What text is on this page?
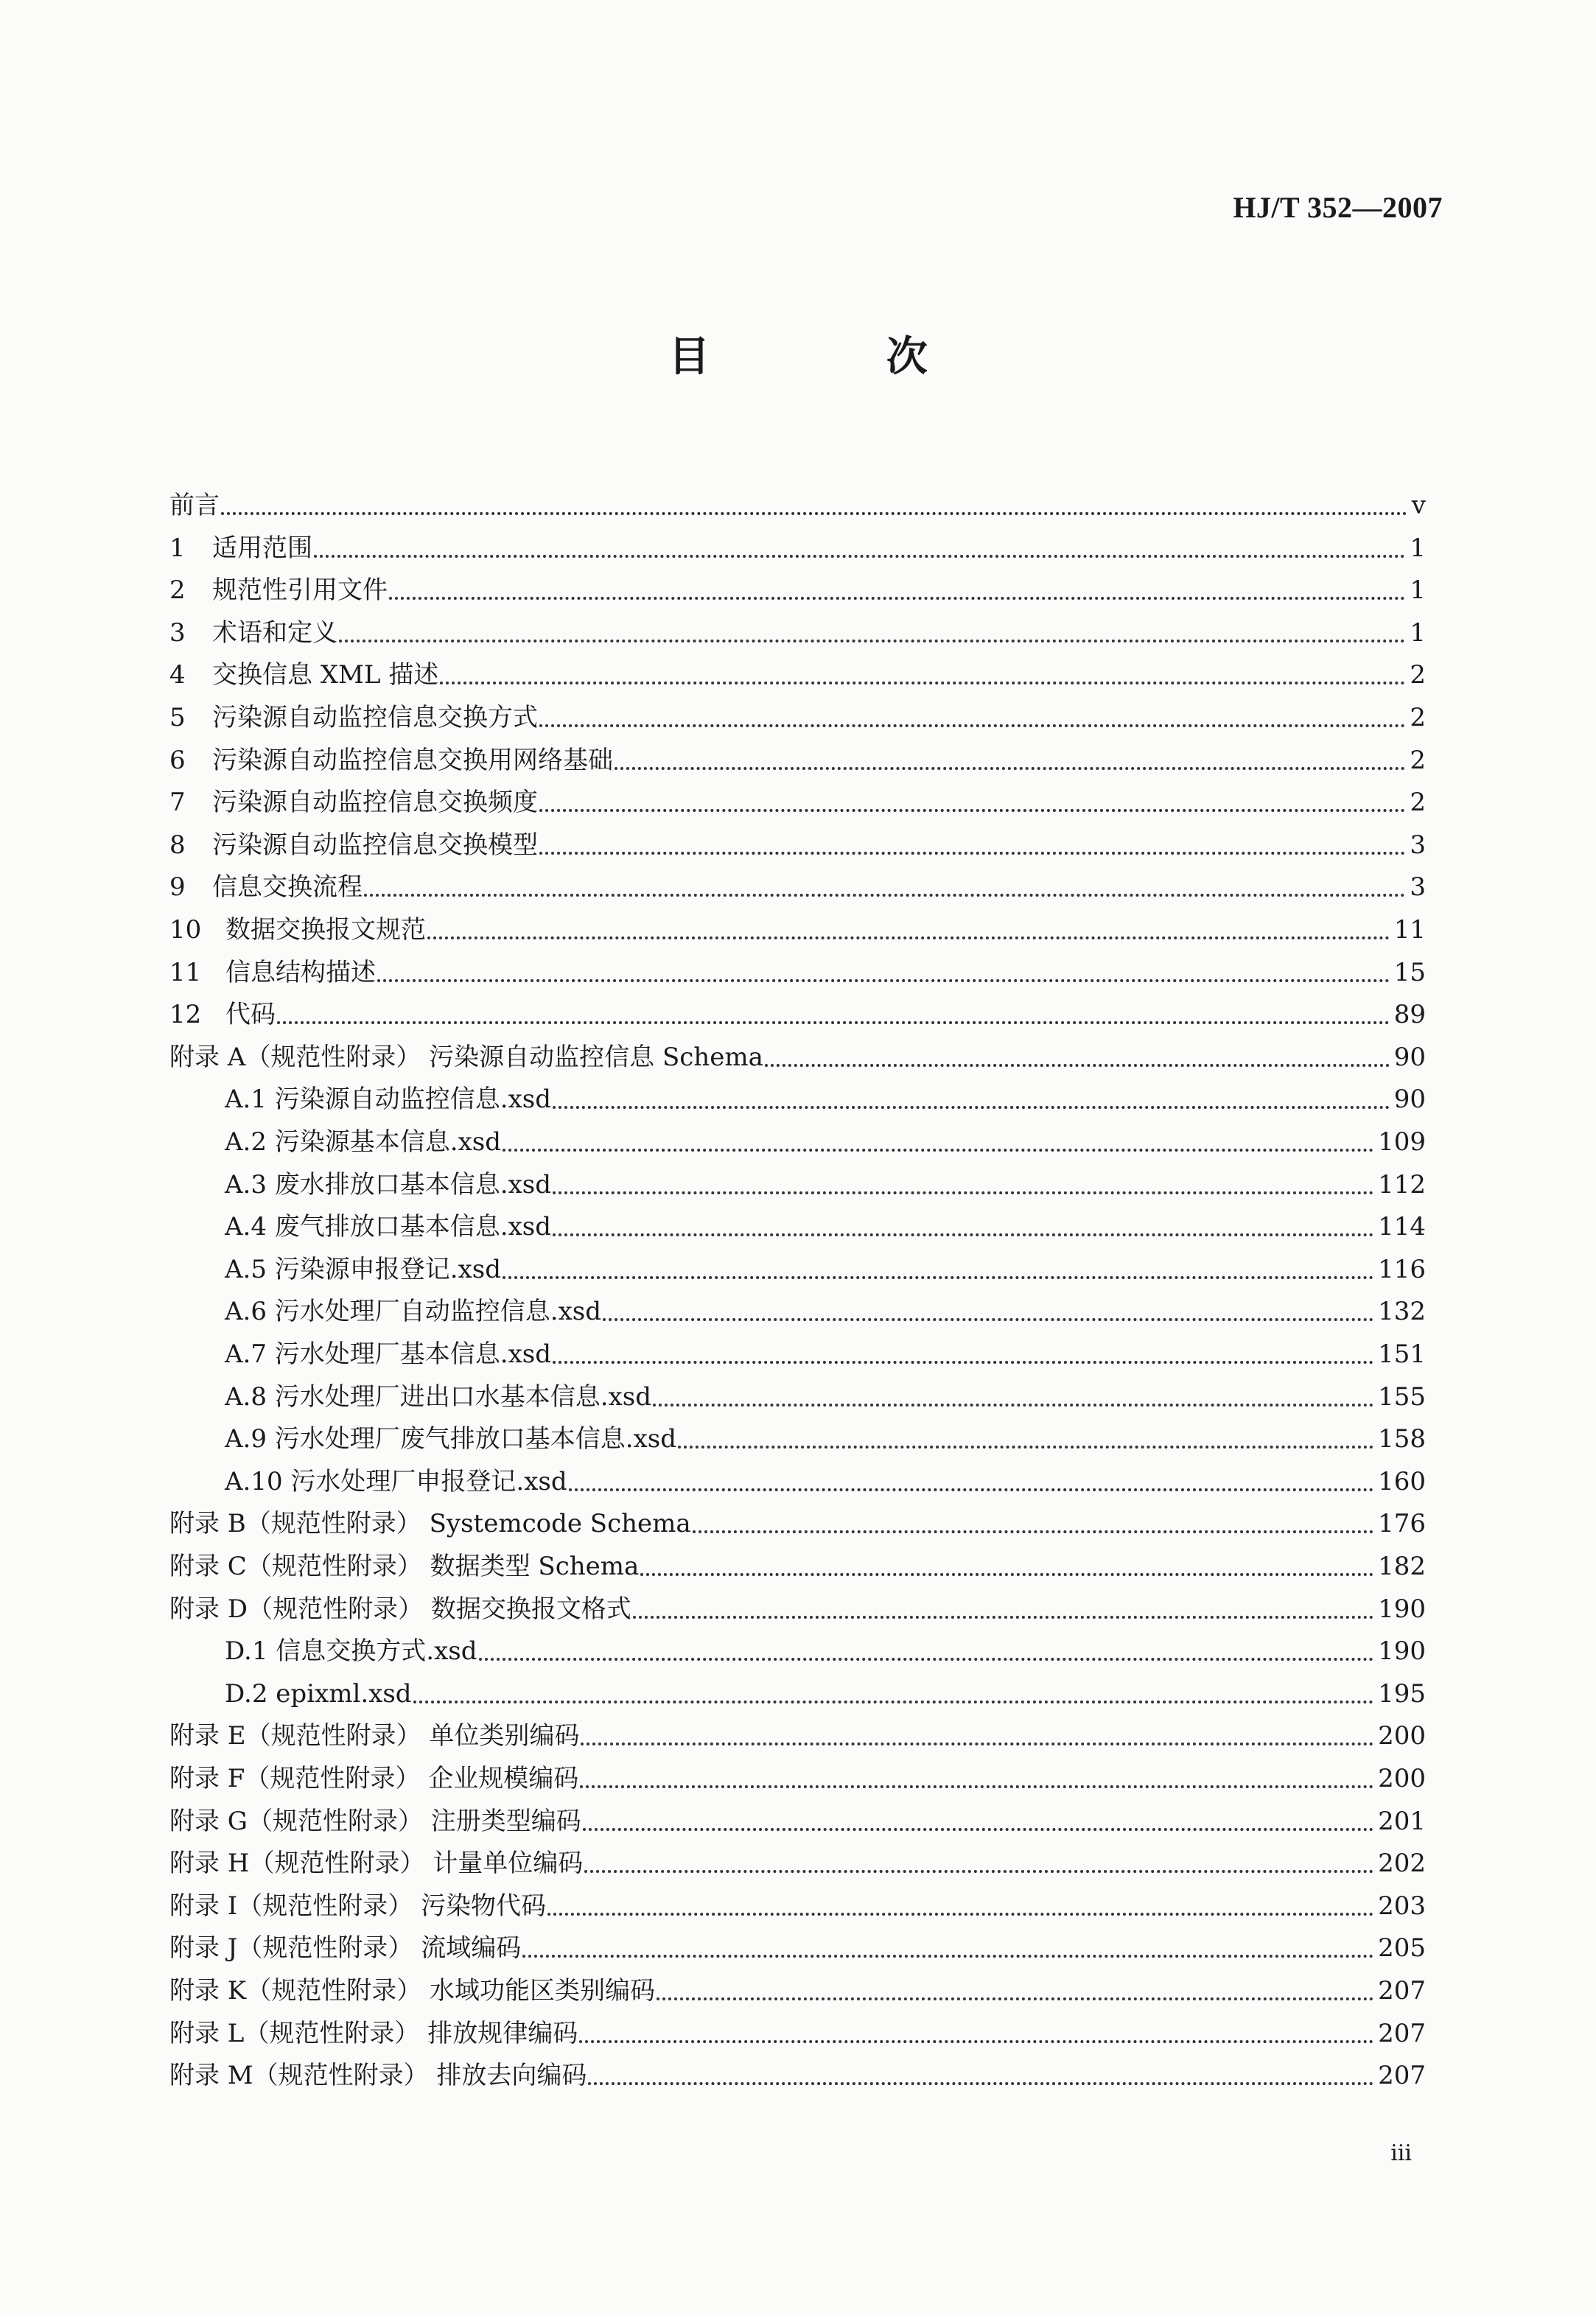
HJ/T 352—2007
目 次
前言	v
1	适用范围	1
2	规范性引用文件	1
3	术语和定义	1
4	交换信息 XML 描述	2
5	污染源自动监控信息交换方式	2
6	污染源自动监控信息交换用网络基础	2
7	污染源自动监控信息交换频度	2
8	污染源自动监控信息交换模型	3
9	信息交换流程	3
10 数据交换报文规范	11
11 信息结构描述	15
12 代码	89
附录 A（规范性附录） 污染源自动监控信息 Schema	90
A.1 污染源自动监控信息.xsd	90
A.2 污染源基本信息.xsd	109
A.3 废水排放口基本信息.xsd	112
A.4 废气排放口基本信息.xsd	114
A.5 污染源申报登记.xsd	116
A.6 污水处理厂自动监控信息.xsd	132
A.7 污水处理厂基本信息.xsd	151
A.8 污水处理厂进出口水基本信息.xsd	155
A.9 污水处理厂废气排放口基本信息.xsd	158
A.10 污水处理厂申报登记.xsd	160
附录 B（规范性附录） Systemcode Schema	176
附录 C（规范性附录） 数据类型 Schema	182
附录 D（规范性附录） 数据交换报文格式	190
D.1 信息交换方式.xsd	190
D.2 epixml.xsd	195
附录 E（规范性附录） 单位类别编码	200
附录 F（规范性附录） 企业规模编码	200
附录 G（规范性附录） 注册类型编码	201
附录 H（规范性附录） 计量单位编码	202
附录 I（规范性附录） 污染物代码	203
附录 J（规范性附录） 流域编码	205
附录 K（规范性附录） 水域功能区类别编码	207
附录 L（规范性附录） 排放规律编码	207
附录 M（规范性附录） 排放去向编码	207
iii
